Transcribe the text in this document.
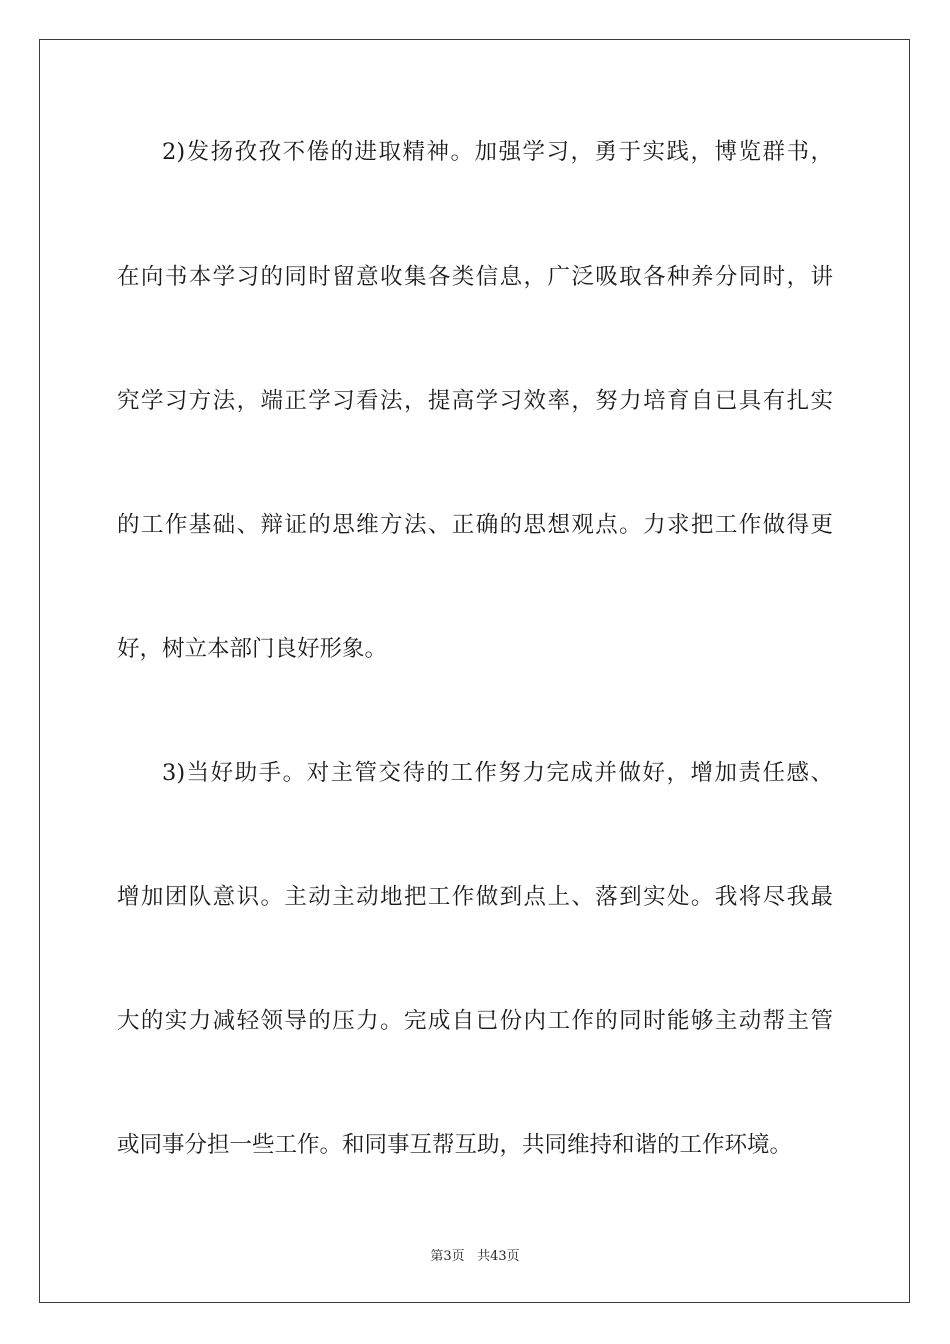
2)发扬孜孜不倦的进取精神。加强学习，勇于实践，博览群书，
在向书本学习的同时留意收集各类信息，广泛吸取各种养分同时，讲
究学习方法，端正学习看法，提高学习效率，努力培育自已具有扎实
的工作基础、辩证的思维方法、正确的思想观点。力求把工作做得更
好，树立本部门良好形象。
3)当好助手。对主管交待的工作努力完成并做好，增加责任感、
增加团队意识。主动主动地把工作做到点上、落到实处。我将尽我最
大的实力减轻领导的压力。完成自已份内工作的同时能够主动帮主管
或同事分担一些工作。和同事互帮互助，共同维持和谐的工作环境。
第3页 共43页
